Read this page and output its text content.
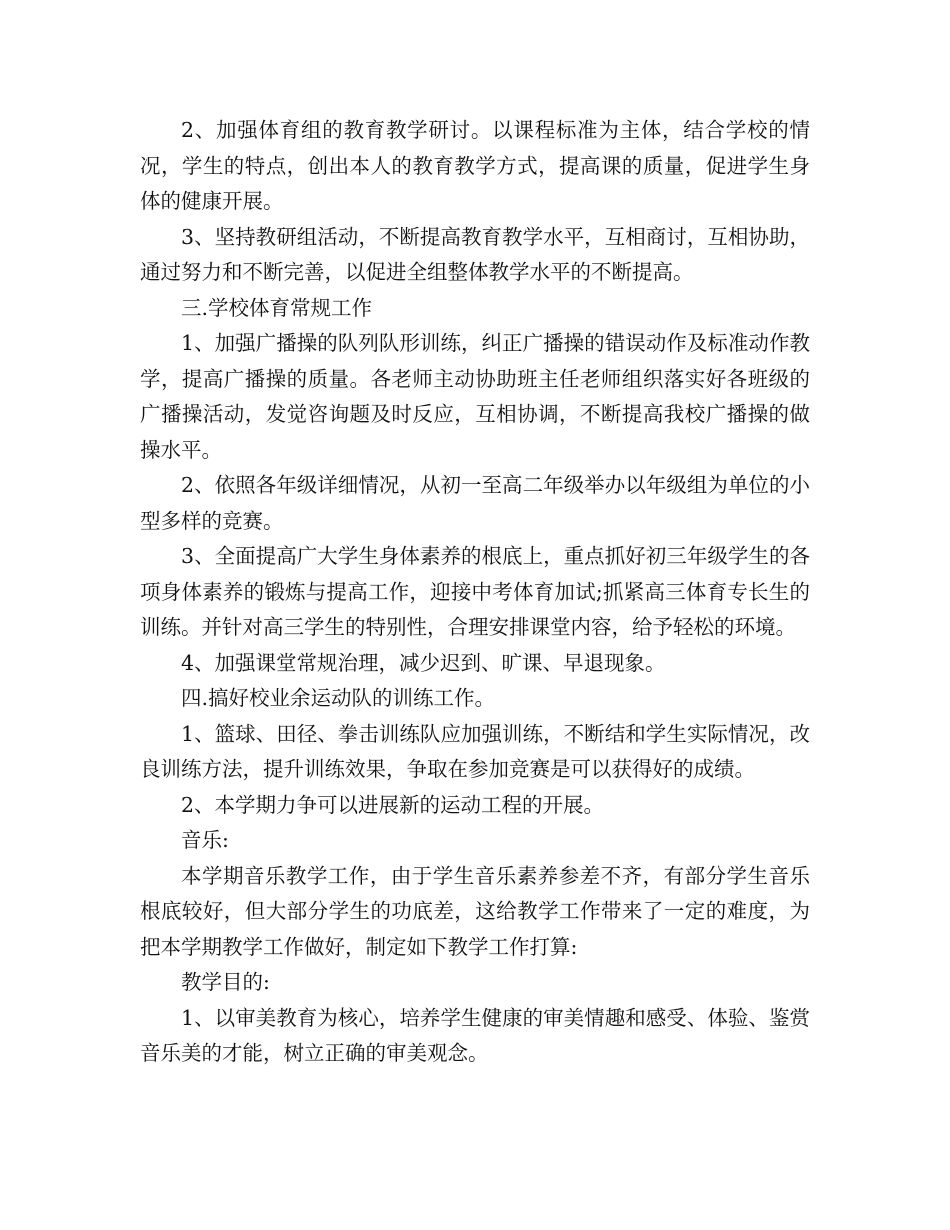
2、加强体育组的教育教学研讨。以课程标准为主体，结合学校的情况，学生的特点，创出本人的教育教学方式，提高课的质量，促进学生身体的健康开展。

3、坚持教研组活动，不断提高教育教学水平，互相商讨，互相协助，通过努力和不断完善，以促进全组整体教学水平的不断提高。

三.学校体育常规工作

1、加强广播操的队列队形训练，纠正广播操的错误动作及标准动作教学，提高广播操的质量。各老师主动协助班主任老师组织落实好各班级的广播操活动，发觉咨询题及时反应，互相协调，不断提高我校广播操的做操水平。

2、依照各年级详细情况，从初一至高二年级举办以年级组为单位的小型多样的竞赛。

3、全面提高广大学生身体素养的根底上，重点抓好初三年级学生的各项身体素养的锻炼与提高工作，迎接中考体育加试;抓紧高三体育专长生的训练。并针对高三学生的特别性，合理安排课堂内容，给予轻松的环境。

4、加强课堂常规治理，减少迟到、旷课、早退现象。

四.搞好校业余运动队的训练工作。

1、篮球、田径、拳击训练队应加强训练，不断结和学生实际情况，改良训练方法，提升训练效果，争取在参加竞赛是可以获得好的成绩。

2、本学期力争可以进展新的运动工程的开展。

音乐:

本学期音乐教学工作，由于学生音乐素养参差不齐，有部分学生音乐根底较好，但大部分学生的功底差，这给教学工作带来了一定的难度，为把本学期教学工作做好，制定如下教学工作打算:

教学目的:

1、以审美教育为核心，培养学生健康的审美情趣和感受、体验、鉴赏音乐美的才能，树立正确的审美观念。
